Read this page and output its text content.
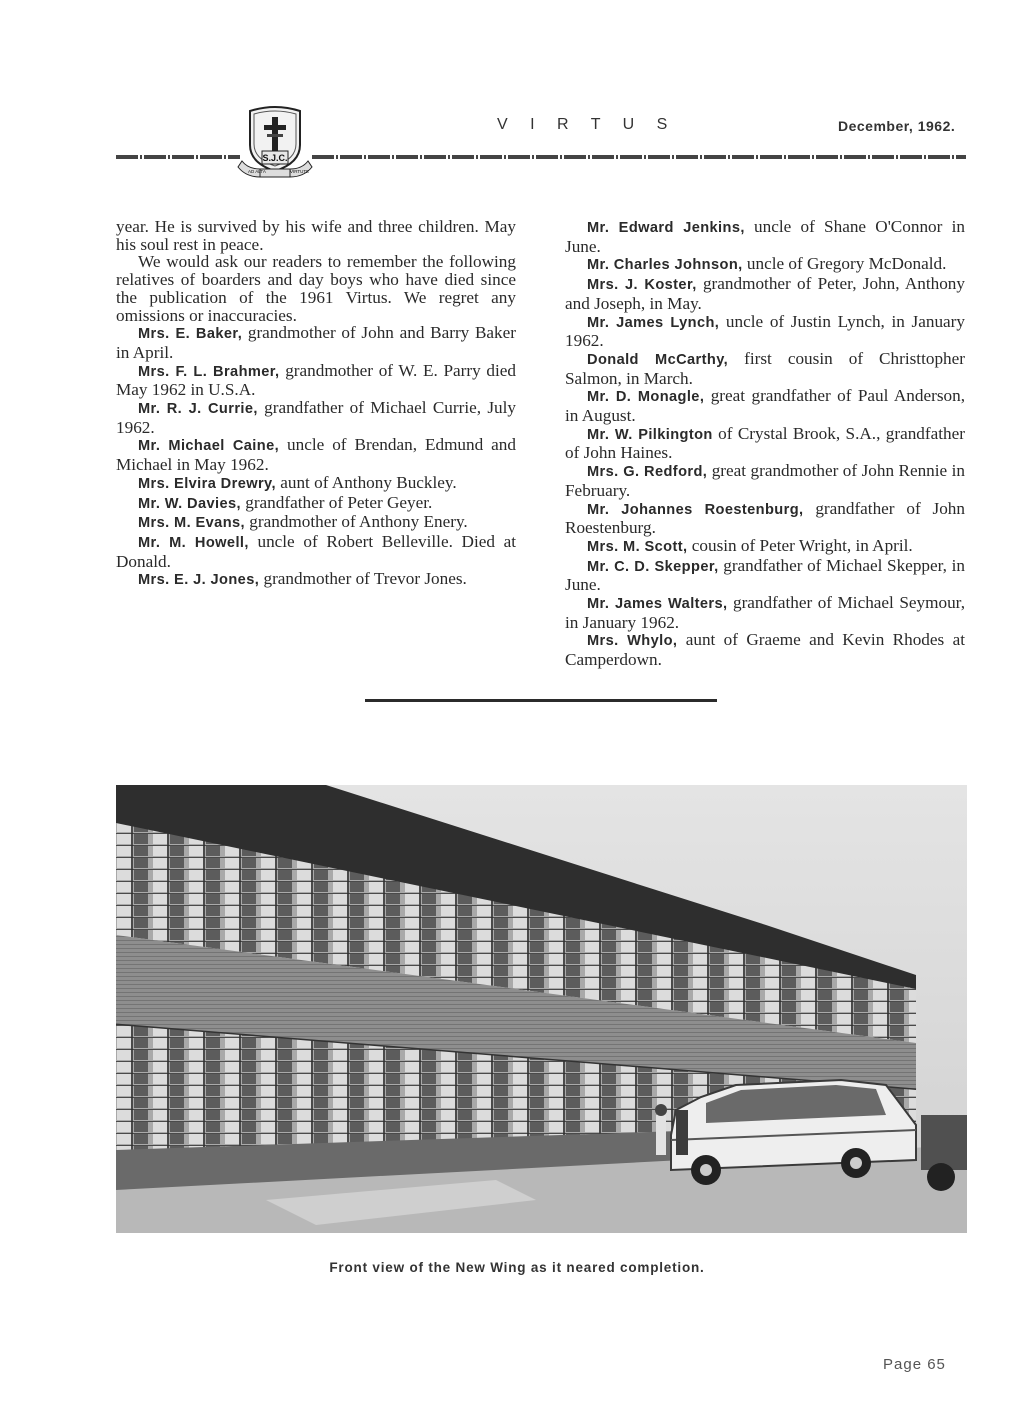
S.J.C.
AD ALTA	VIRTUTE
V I R T U S	December, 1962.

year. He is survived by his wife and three children. May his soul rest in peace.

We would ask our readers to remember the following relatives of boarders and day boys who have died since the publication of the 1961 Virtus. We regret any omissions or inaccuracies.

Mrs. E. Baker, grandmother of John and Barry Baker in April.

Mrs. F. L. Brahmer, grandmother of W. E. Parry died May 1962 in U.S.A.

Mr. R. J. Currie, grandfather of Michael Currie, July 1962.

Mr. Michael Caine, uncle of Brendan, Edmund and Michael in May 1962.

Mrs. Elvira Drewry, aunt of Anthony Buckley.

Mr. W. Davies, grandfather of Peter Geyer.

Mrs. M. Evans, grandmother of Anthony Enery.

Mr. M. Howell, uncle of Robert Belleville. Died at Donald.

Mrs. E. J. Jones, grandmother of Trevor Jones.

Mr. Edward Jenkins, uncle of Shane O'Connor in June.

Mr. Charles Johnson, uncle of Gregory McDonald.

Mrs. J. Koster, grandmother of Peter, John, Anthony and Joseph, in May.

Mr. James Lynch, uncle of Justin Lynch, in January 1962.

Donald McCarthy, first cousin of Christtopher Salmon, in March.

Mr. D. Monagle, great grandfather of Paul Anderson, in August.

Mr. W. Pilkington of Crystal Brook, S.A., grandfather of John Haines.

Mrs. G. Redford, great grandmother of John Rennie in February.

Mr. Johannes Roestenburg, grandfather of John Roestenburg.

Mrs. M. Scott, cousin of Peter Wright, in April.

Mr. C. D. Skepper, grandfather of Michael Skepper, in June.

Mr. James Walters, grandfather of Michael Seymour, in January 1962.

Mrs. Whylo, aunt of Graeme and Kevin Rhodes at Camperdown.

Front view of the New Wing as it neared completion.
Page 65
